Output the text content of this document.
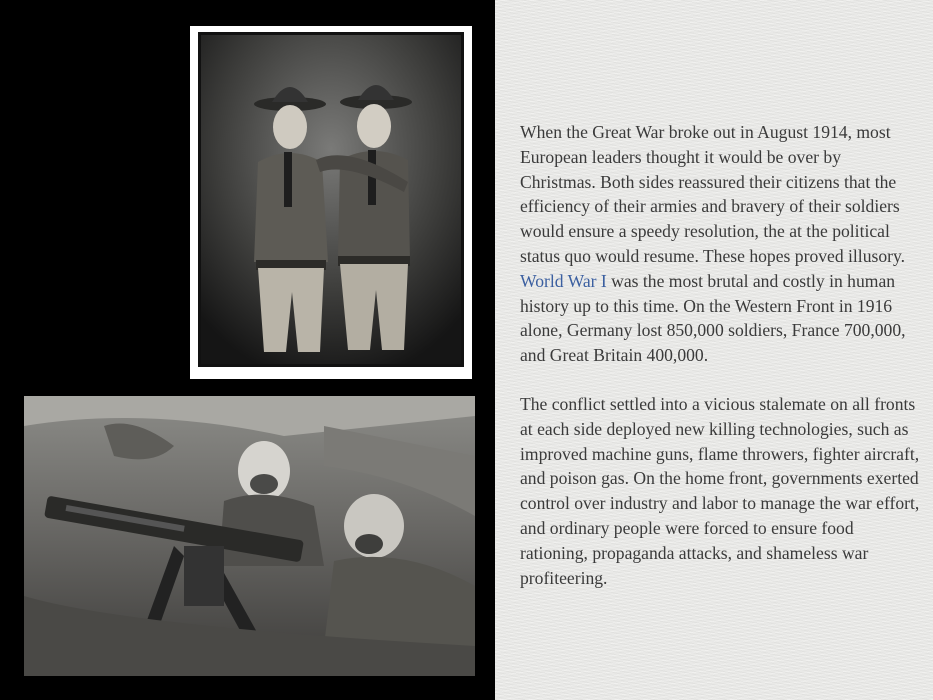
When the Great War broke out in August 1914, most European leaders thought it would be over by Christmas. Both sides reassured their citizens that the efficiency of their armies and bravery of their soldiers would ensure a speedy resolution, the at the political status quo would resume. These hopes proved illusory. World War I was the most brutal and costly in human history up to this time. On the Western Front in 1916 alone, Germany lost 850,000 soldiers, France 700,000, and Great Britain 400,000.

The conflict settled into a vicious stalemate on all fronts at each side deployed new killing technologies, such as improved machine guns, flame throwers, fighter aircraft, and poison gas. On the home front, governments exerted control over industry and labor to manage the war effort, and ordinary people were forced to ensure food rationing, propaganda attacks, and shameless war profiteering.
